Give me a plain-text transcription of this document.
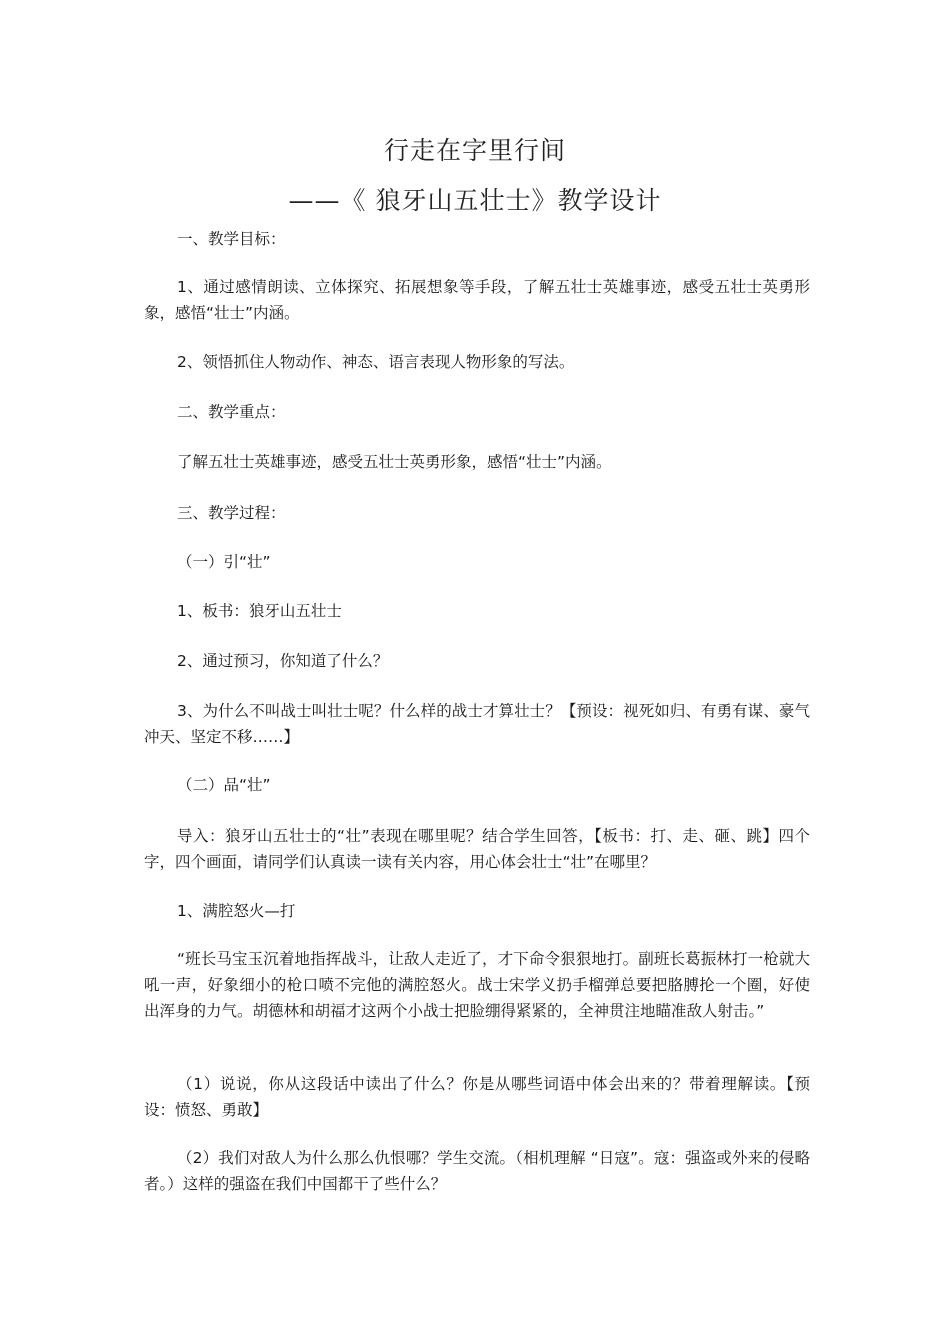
行走在字里行间
——《 狼牙山五壮士》教学设计

一、教学目标：

1、通过感情朗读、立体探究、拓展想象等手段，了解五壮士英雄事迹，感受五壮士英勇形象，感悟“壮士”内涵。

2、领悟抓住人物动作、神态、语言表现人物形象的写法。

二、教学重点：

了解五壮士英雄事迹，感受五壮士英勇形象，感悟“壮士”内涵。

三、教学过程：

（一）引“壮”

1、板书：狼牙山五壮士

2、通过预习，你知道了什么？

3、为什么不叫战士叫壮士呢？什么样的战士才算壮士？【预设：视死如归、有勇有谋、豪气冲天、坚定不移……】

（二）品“壮”

导入：狼牙山五壮士的“壮”表现在哪里呢？结合学生回答，【板书：打、走、砸、跳】四个字，四个画面，请同学们认真读一读有关内容，用心体会壮士“壮”在哪里？

1、满腔怒火—打

“班长马宝玉沉着地指挥战斗，让敌人走近了，才下命令狠狠地打。副班长葛振林打一枪就大吼一声，好象细小的枪口喷不完他的满腔怒火。战士宋学义扔手榴弹总要把胳膊抡一个圈，好使出浑身的力气。胡德林和胡福才这两个小战士把脸绷得紧紧的，全神贯注地瞄准敌人射击。”

（1）说说，你从这段话中读出了什么？你是从哪些词语中体会出来的？带着理解读。【预设：愤怒、勇敢】

（2）我们对敌人为什么那么仇恨哪？学生交流。（相机理解 “日寇”。寇：强盗或外来的侵略者。）这样的强盗在我们中国都干了些什么？
